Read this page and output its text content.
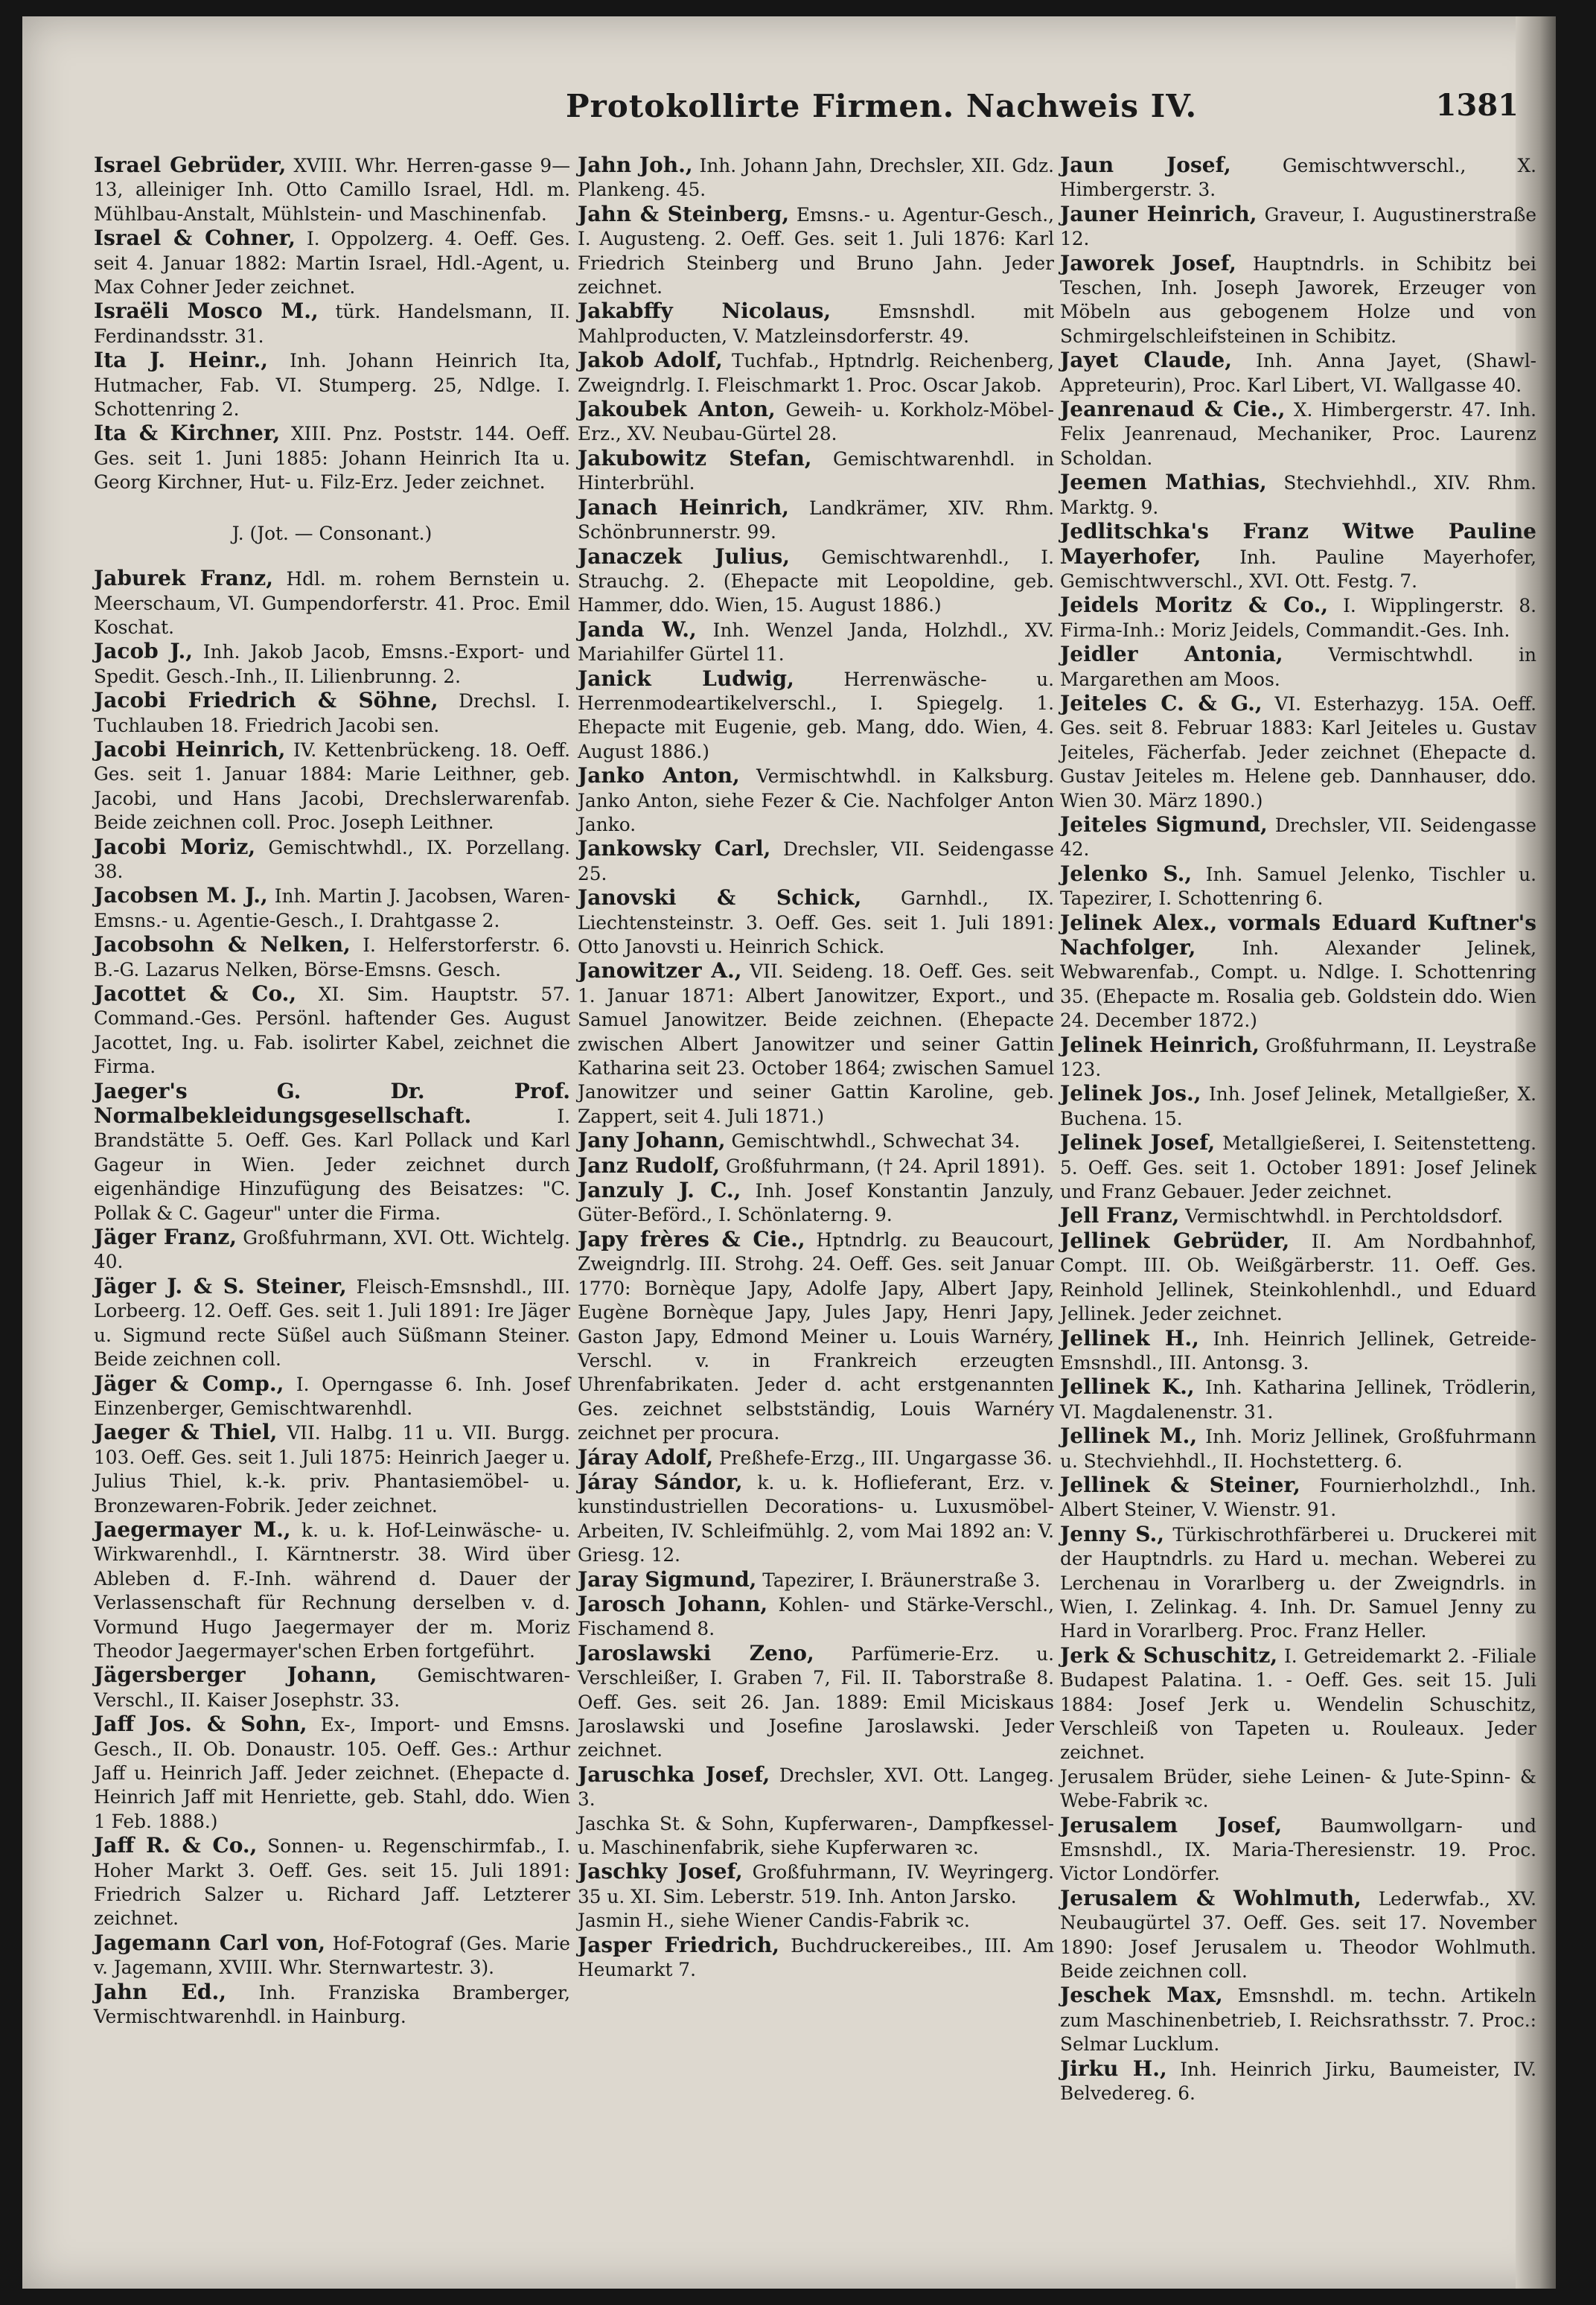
Protokollirte Firmen. Nachweis IV.	1381

Israel Gebrüder, XVIII. Whr. Herren-gasse 9—13, alleiniger Inh. Otto Camillo Israel, Hdl. m. Mühlbau-Anstalt, Mühlstein- und Maschinenfab.

Israel & Cohner, I. Oppolzerg. 4. Oeff. Ges. seit 4. Januar 1882: Martin Israel, Hdl.-Agent, u. Max Cohner Jeder zeichnet.

Israëli Mosco M., türk. Handelsmann, II. Ferdinandsstr. 31.

Ita J. Heinr., Inh. Johann Heinrich Ita, Hutmacher, Fab. VI. Stumperg. 25, Ndlge. I. Schottenring 2.

Ita & Kirchner, XIII. Pnz. Poststr. 144. Oeff. Ges. seit 1. Juni 1885: Johann Heinrich Ita u. Georg Kirchner, Hut- u. Filz-Erz. Jeder zeichnet.

J. (Jot. — Consonant.)

Jaburek Franz, Hdl. m. rohem Bernstein u. Meerschaum, VI. Gumpendorferstr. 41. Proc. Emil Koschat.

Jacob J., Inh. Jakob Jacob, Emsns.-Export- und Spedit. Gesch.-Inh., II. Lilienbrunng. 2.

Jacobi Friedrich & Söhne, Drechsl. I. Tuchlauben 18. Friedrich Jacobi sen.

Jacobi Heinrich, IV. Kettenbrückeng. 18. Oeff. Ges. seit 1. Januar 1884: Marie Leithner, geb. Jacobi, und Hans Jacobi, Drechslerwarenfab. Beide zeichnen coll. Proc. Joseph Leithner.

Jacobi Moriz, Gemischtwhdl., IX. Porzellang. 38.

Jacobsen M. J., Inh. Martin J. Jacobsen, Waren-Emsns.- u. Agentie-Gesch., I. Drahtgasse 2.

Jacobsohn & Nelken, I. Helferstorferstr. 6. B.-G. Lazarus Nelken, Börse-Emsns. Gesch.

Jacottet & Co., XI. Sim. Hauptstr. 57. Command.-Ges. Persönl. haftender Ges. August Jacottet, Ing. u. Fab. isolirter Kabel, zeichnet die Firma.

Jaeger's G. Dr. Prof. Normalbekleidungsgesellschaft. I. Brandstätte 5. Oeff. Ges. Karl Pollack und Karl Gageur in Wien. Jeder zeichnet durch eigenhändige Hinzufügung des Beisatzes: "C. Pollak & C. Gageur" unter die Firma.

Jäger Franz, Großfuhrmann, XVI. Ott. Wichtelg. 40.

Jäger J. & S. Steiner, Fleisch-Emsnshdl., III. Lorbeerg. 12. Oeff. Ges. seit 1. Juli 1891: Ire Jäger u. Sigmund recte Süßel auch Süßmann Steiner. Beide zeichnen coll.

Jäger & Comp., I. Operngasse 6. Inh. Josef Einzenberger, Gemischtwarenhdl.

Jaeger & Thiel, VII. Halbg. 11 u. VII. Burgg. 103. Oeff. Ges. seit 1. Juli 1875: Heinrich Jaeger u. Julius Thiel, k.-k. priv. Phantasiemöbel- u. Bronzewaren-Fobrik. Jeder zeichnet.

Jaegermayer M., k. u. k. Hof-Leinwäsche- u. Wirkwarenhdl., I. Kärntnerstr. 38. Wird über Ableben d. F.-Inh. während d. Dauer der Verlassenschaft für Rechnung derselben v. d. Vormund Hugo Jaegermayer der m. Moriz Theodor Jaegermayer'schen Erben fortgeführt.

Jägersberger Johann, Gemischtwaren-Verschl., II. Kaiser Josephstr. 33.

Jaff Jos. & Sohn, Ex-, Import- und Emsns. Gesch., II. Ob. Donaustr. 105. Oeff. Ges.: Arthur Jaff u. Heinrich Jaff. Jeder zeichnet. (Ehepacte d. Heinrich Jaff mit Henriette, geb. Stahl, ddo. Wien 1 Feb. 1888.)

Jaff R. & Co., Sonnen- u. Regenschirmfab., I. Hoher Markt 3. Oeff. Ges. seit 15. Juli 1891: Friedrich Salzer u. Richard Jaff. Letzterer zeichnet.

Jagemann Carl von, Hof-Fotograf (Ges. Marie v. Jagemann, XVIII. Whr. Sternwartestr. 3).

Jahn Ed., Inh. Franziska Bramberger, Vermischtwarenhdl. in Hainburg.

Jahn Joh., Inh. Johann Jahn, Drechsler, XII. Gdz. Plankeng. 45.

Jahn & Steinberg, Emsns.- u. Agentur-Gesch., I. Augusteng. 2. Oeff. Ges. seit 1. Juli 1876: Karl Friedrich Steinberg und Bruno Jahn. Jeder zeichnet.

Jakabffy Nicolaus, Emsnshdl. mit Mahlproducten, V. Matzleinsdorferstr. 49.

Jakob Adolf, Tuchfab., Hptndrlg. Reichenberg, Zweigndrlg. I. Fleischmarkt 1. Proc. Oscar Jakob.

Jakoubek Anton, Geweih- u. Korkholz-Möbel-Erz., XV. Neubau-Gürtel 28.

Jakubowitz Stefan, Gemischtwarenhdl. in Hinterbrühl.

Janach Heinrich, Landkrämer, XIV. Rhm. Schönbrunnerstr. 99.

Janaczek Julius, Gemischtwarenhdl., I. Strauchg. 2. (Ehepacte mit Leopoldine, geb. Hammer, ddo. Wien, 15. August 1886.)

Janda W., Inh. Wenzel Janda, Holzhdl., XV. Mariahilfer Gürtel 11.

Janick Ludwig, Herrenwäsche- u. Herrenmodeartikelverschl., I. Spiegelg. 1. Ehepacte mit Eugenie, geb. Mang, ddo. Wien, 4. August 1886.)

Janko Anton, Vermischtwhdl. in Kalksburg. Janko Anton, siehe Fezer & Cie. Nachfolger Anton Janko.

Jankowsky Carl, Drechsler, VII. Seidengasse 25.

Janovski & Schick, Garnhdl., IX. Liechtensteinstr. 3. Oeff. Ges. seit 1. Juli 1891: Otto Janovsti u. Heinrich Schick.

Janowitzer A., VII. Seideng. 18. Oeff. Ges. seit 1. Januar 1871: Albert Janowitzer, Export., und Samuel Janowitzer. Beide zeichnen. (Ehepacte zwischen Albert Janowitzer und seiner Gattin Katharina seit 23. October 1864; zwischen Samuel Janowitzer und seiner Gattin Karoline, geb. Zappert, seit 4. Juli 1871.)

Jany Johann, Gemischtwhdl., Schwechat 34.

Janz Rudolf, Großfuhrmann, († 24. April 1891).

Janzuly J. C., Inh. Josef Konstantin Janzuly, Güter-Beförd., I. Schönlaterng. 9.

Japy frères & Cie., Hptndrlg. zu Beaucourt, Zweigndrlg. III. Strohg. 24. Oeff. Ges. seit Januar 1770: Bornèque Japy, Adolfe Japy, Albert Japy, Eugène Bornèque Japy, Jules Japy, Henri Japy, Gaston Japy, Edmond Meiner u. Louis Warnéry, Verschl. v. in Frankreich erzeugten Uhrenfabrikaten. Jeder d. acht erstgenannten Ges. zeichnet selbstständig, Louis Warnéry zeichnet per procura.

Járay Adolf, Preßhefe-Erzg., III. Ungargasse 36.

Járay Sándor, k. u. k. Hoflieferant, Erz. v. kunstindustriellen Decorations- u. Luxusmöbel-Arbeiten, IV. Schleifmühlg. 2, vom Mai 1892 an: V. Griesg. 12.

Jaray Sigmund, Tapezirer, I. Bräunerstraße 3.

Jarosch Johann, Kohlen- und Stärke-Verschl., Fischamend 8.

Jaroslawski Zeno, Parfümerie-Erz. u. Verschleißer, I. Graben 7, Fil. II. Taborstraße 8. Oeff. Ges. seit 26. Jan. 1889: Emil Miciskaus Jaroslawski und Josefine Jaroslawski. Jeder zeichnet.

Jaruschka Josef, Drechsler, XVI. Ott. Langeg. 3.

Jaschka St. & Sohn, Kupferwaren-, Dampfkessel- u. Maschinenfabrik, siehe Kupferwaren ꝛc.

Jaschky Josef, Großfuhrmann, IV. Weyringerg. 35 u. XI. Sim. Leberstr. 519. Inh. Anton Jarsko.

Jasmin H., siehe Wiener Candis-Fabrik ꝛc.

Jasper Friedrich, Buchdruckereibes., III. Am Heumarkt 7.

Jaun Josef, Gemischtwverschl., X. Himbergerstr. 3.

Jauner Heinrich, Graveur, I. Augustinerstraße 12.

Jaworek Josef, Hauptndrls. in Schibitz bei Teschen, Inh. Joseph Jaworek, Erzeuger von Möbeln aus gebogenem Holze und von Schmirgelschleifsteinen in Schibitz.

Jayet Claude, Inh. Anna Jayet, (Shawl-Appreteurin), Proc. Karl Libert, VI. Wallgasse 40.

Jeanrenaud & Cie., X. Himbergerstr. 47. Inh. Felix Jeanrenaud, Mechaniker, Proc. Laurenz Scholdan.

Jeemen Mathias, Stechviehhdl., XIV. Rhm. Marktg. 9.

Jedlitschka's Franz Witwe Pauline Mayerhofer, Inh. Pauline Mayerhofer, Gemischtwverschl., XVI. Ott. Festg. 7.

Jeidels Moritz & Co., I. Wipplingerstr. 8. Firma-Inh.: Moriz Jeidels, Commandit.-Ges. Inh.

Jeidler Antonia, Vermischtwhdl. in Margarethen am Moos.

Jeiteles C. & G., VI. Esterhazyg. 15A. Oeff. Ges. seit 8. Februar 1883: Karl Jeiteles u. Gustav Jeiteles, Fächerfab. Jeder zeichnet (Ehepacte d. Gustav Jeiteles m. Helene geb. Dannhauser, ddo. Wien 30. März 1890.)

Jeiteles Sigmund, Drechsler, VII. Seidengasse 42.

Jelenko S., Inh. Samuel Jelenko, Tischler u. Tapezirer, I. Schottenring 6.

Jelinek Alex., vormals Eduard Kuftner's Nachfolger, Inh. Alexander Jelinek, Webwarenfab., Compt. u. Ndlge. I. Schottenring 35. (Ehepacte m. Rosalia geb. Goldstein ddo. Wien 24. December 1872.)

Jelinek Heinrich, Großfuhrmann, II. Leystraße 123.

Jelinek Jos., Inh. Josef Jelinek, Metallgießer, X. Buchena. 15.

Jelinek Josef, Metallgießerei, I. Seitenstetteng. 5. Oeff. Ges. seit 1. October 1891: Josef Jelinek und Franz Gebauer. Jeder zeichnet.

Jell Franz, Vermischtwhdl. in Perchtoldsdorf.

Jellinek Gebrüder, II. Am Nordbahnhof, Compt. III. Ob. Weißgärberstr. 11. Oeff. Ges. Reinhold Jellinek, Steinkohlenhdl., und Eduard Jellinek. Jeder zeichnet.

Jellinek H., Inh. Heinrich Jellinek, Getreide-Emsnshdl., III. Antonsg. 3.

Jellinek K., Inh. Katharina Jellinek, Trödlerin, VI. Magdalenenstr. 31.

Jellinek M., Inh. Moriz Jellinek, Großfuhrmann u. Stechviehhdl., II. Hochstetterg. 6.

Jellinek & Steiner, Fournierholzhdl., Inh. Albert Steiner, V. Wienstr. 91.

Jenny S., Türkischrothfärberei u. Druckerei mit der Hauptndrls. zu Hard u. mechan. Weberei zu Lerchenau in Vorarlberg u. der Zweigndrls. in Wien, I. Zelinkag. 4. Inh. Dr. Samuel Jenny zu Hard in Vorarlberg. Proc. Franz Heller.

Jerk & Schuschitz, I. Getreidemarkt 2. -Filiale Budapest Palatina. 1. - Oeff. Ges. seit 15. Juli 1884: Josef Jerk u. Wendelin Schuschitz, Verschleiß von Tapeten u. Rouleaux. Jeder zeichnet.

Jerusalem Brüder, siehe Leinen- & Jute-Spinn- & Webe-Fabrik ꝛc.

Jerusalem Josef, Baumwollgarn- und Emsnshdl., IX. Maria-Theresienstr. 19. Proc. Victor Londörfer.

Jerusalem & Wohlmuth, Lederwfab., XV. Neubaugürtel 37. Oeff. Ges. seit 17. November 1890: Josef Jerusalem u. Theodor Wohlmuth. Beide zeichnen coll.

Jeschek Max, Emsnshdl. m. techn. Artikeln zum Maschinenbetrieb, I. Reichsrathsstr. 7. Proc.: Selmar Lucklum.

Jirku H., Inh. Heinrich Jirku, Baumeister, IV. Belvedereg. 6.
